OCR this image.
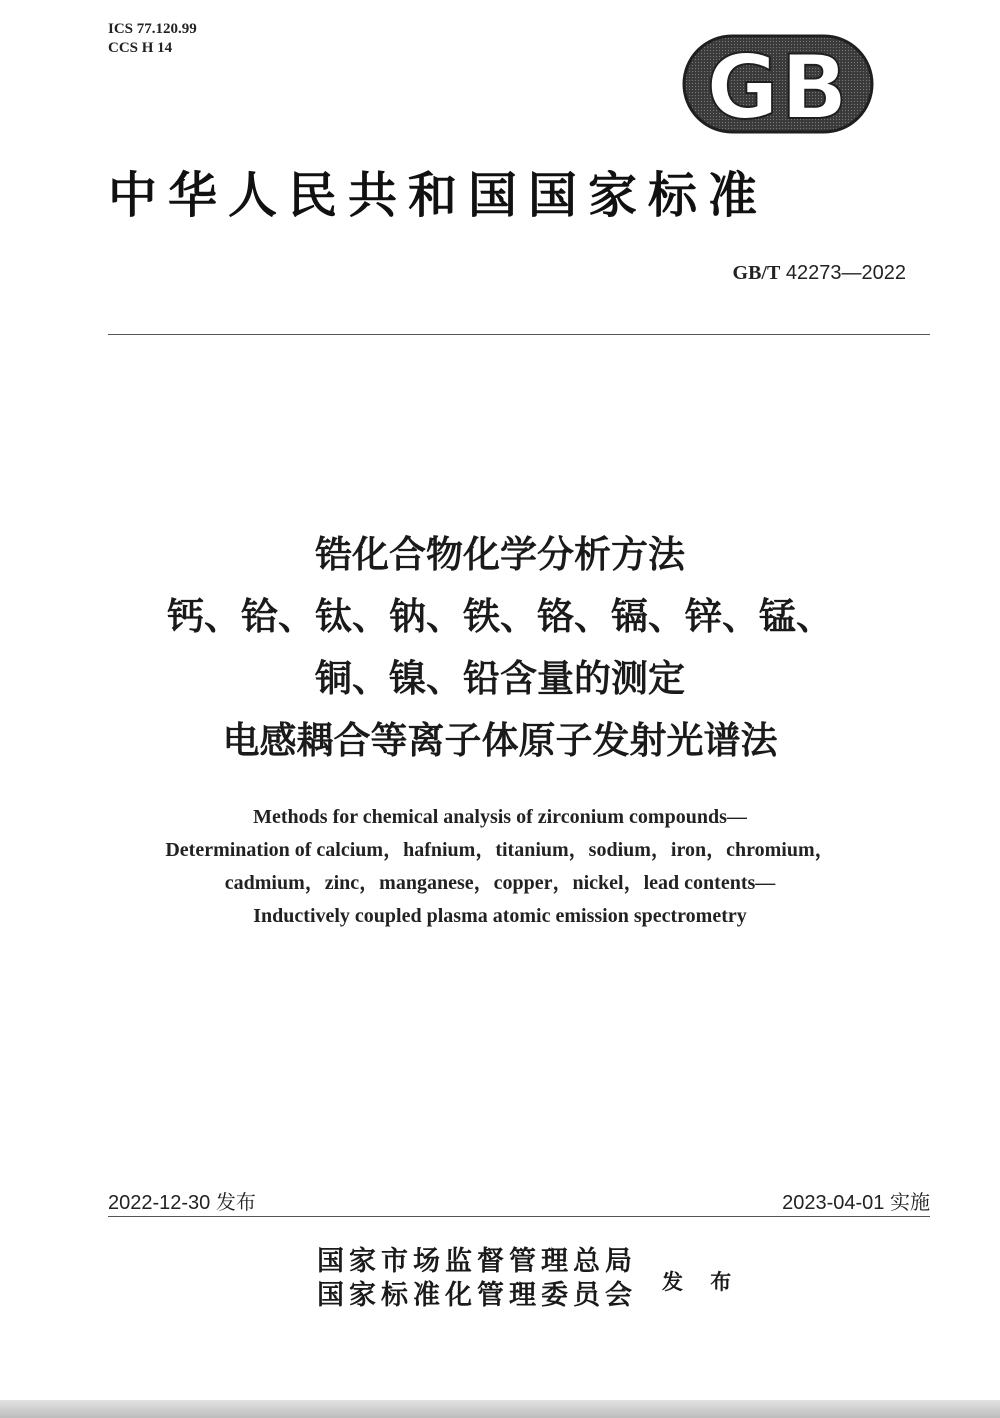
ICS 77.120.99
CCS H 14	GB
中华人民共和国国家标准
GB/T 42273—2022
锆化合物化学分析方法
钙、铪、钛、钠、铁、铬、镉、锌、锰、
铜、镍、铅含量的测定
电感耦合等离子体原子发射光谱法
Methods for chemical analysis of zirconium compounds—
Determination of calcium，hafnium，titanium，sodium，iron，chromium，
cadmium，zinc，manganese，copper，nickel，lead contents—
Inductively coupled plasma atomic emission spectrometry
2022-12-30 发布	2023-04-01 实施
国家市场监督管理总局
国家标准化管理委员会 发 布
